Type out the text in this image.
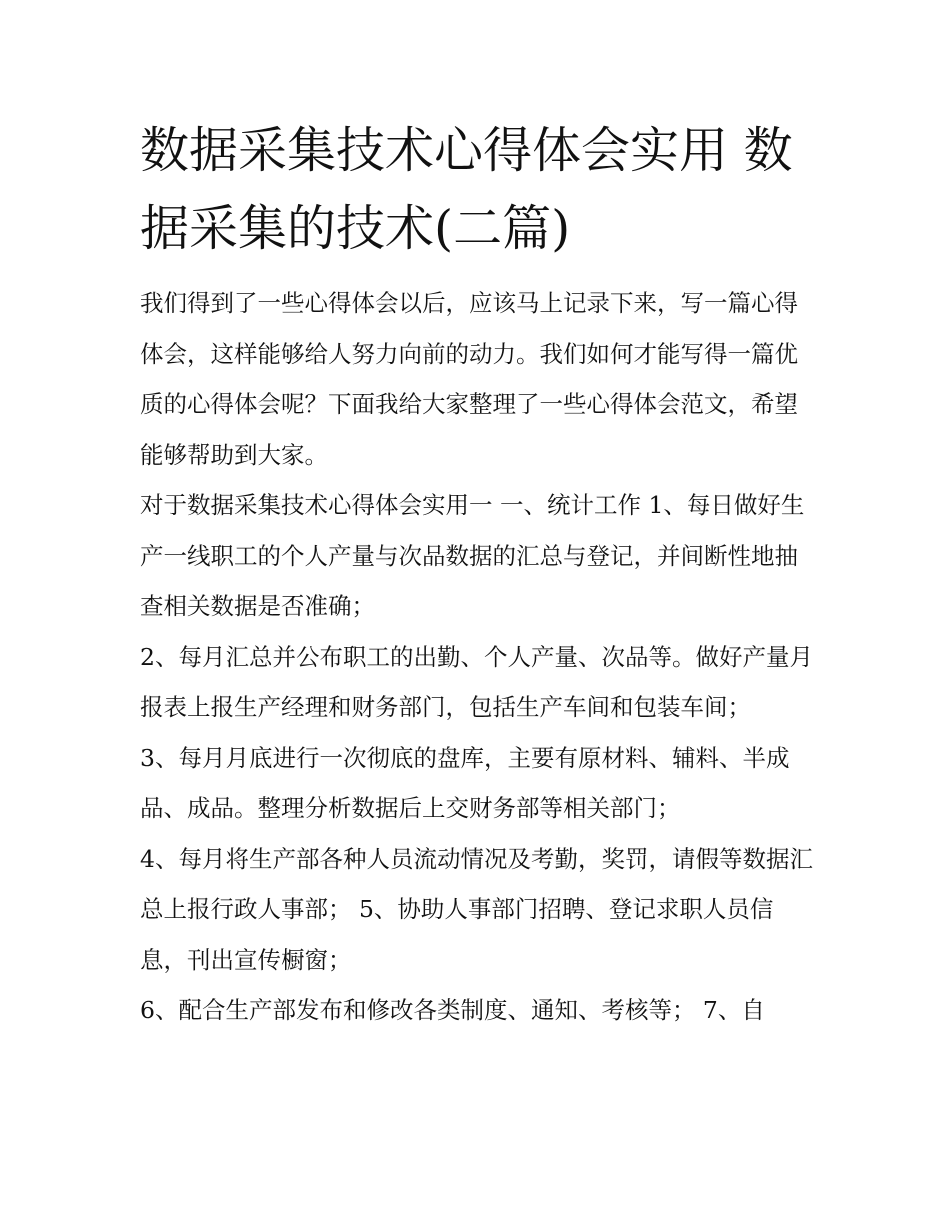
数据采集技术心得体会实用 数据采集的技术(二篇)

我们得到了一些心得体会以后，应该马上记录下来，写一篇心得体会，这样能够给人努力向前的动力。我们如何才能写得一篇优质的心得体会呢？下面我给大家整理了一些心得体会范文，希望能够帮助到大家。

对于数据采集技术心得体会实用一 一、统计工作 1、每日做好生产一线职工的个人产量与次品数据的汇总与登记，并间断性地抽查相关数据是否准确；

2、每月汇总并公布职工的出勤、个人产量、次品等。做好产量月报表上报生产经理和财务部门，包括生产车间和包装车间；

3、每月月底进行一次彻底的盘库，主要有原材料、辅料、半成品、成品。整理分析数据后上交财务部等相关部门；

4、每月将生产部各种人员流动情况及考勤，奖罚，请假等数据汇总上报行政人事部； 5、协助人事部门招聘、登记求职人员信息，刊出宣传橱窗；

6、配合生产部发布和修改各类制度、通知、考核等； 7、自
